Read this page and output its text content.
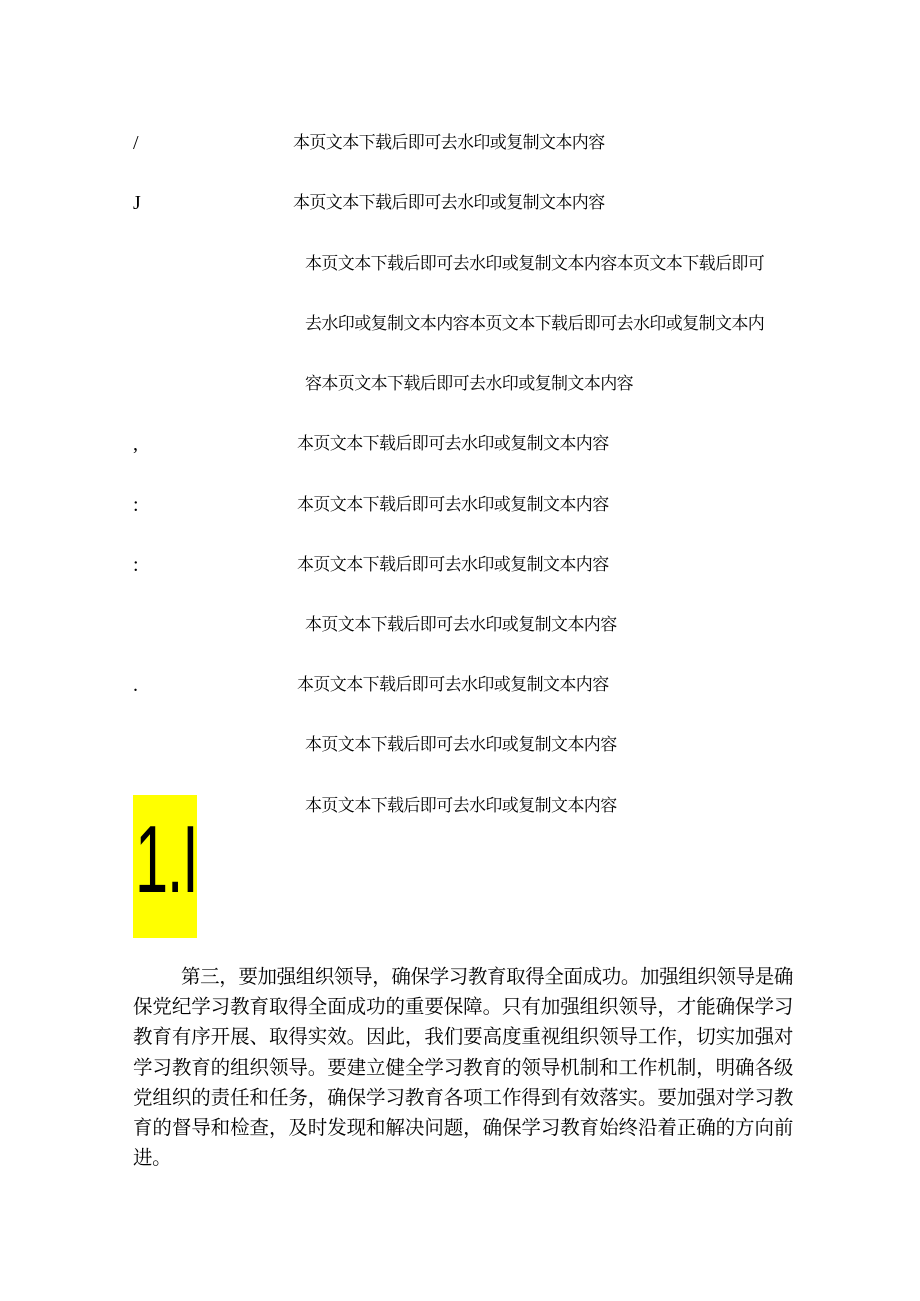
/
J
,
:
:
.
本页文本下载后即可去水印或复制文本内容
本页文本下载后即可去水印或复制文本内容
本页文本下载后即可去水印或复制文本内容本页文本下载后即可
去水印或复制文本内容本页文本下载后即可去水印或复制文本内
容本页文本下载后即可去水印或复制文本内容
本页文本下载后即可去水印或复制文本内容
本页文本下载后即可去水印或复制文本内容
本页文本下载后即可去水印或复制文本内容
本页文本下载后即可去水印或复制文本内容
本页文本下载后即可去水印或复制文本内容
本页文本下载后即可去水印或复制文本内容
本页文本下载后即可去水印或复制文本内容
1.I
第三，要加强组织领导，确保学习教育取得全面成功。加强组织领导是确保党纪学习教育取得全面成功的重要保障。只有加强组织领导，才能确保学习教育有序开展、取得实效。因此，我们要高度重视组织领导工作，切实加强对学习教育的组织领导。要建立健全学习教育的领导机制和工作机制，明确各级党组织的责任和任务，确保学习教育各项工作得到有效落实。要加强对学习教育的督导和检查，及时发现和解决问题，确保学习教育始终沿着正确的方向前进。
